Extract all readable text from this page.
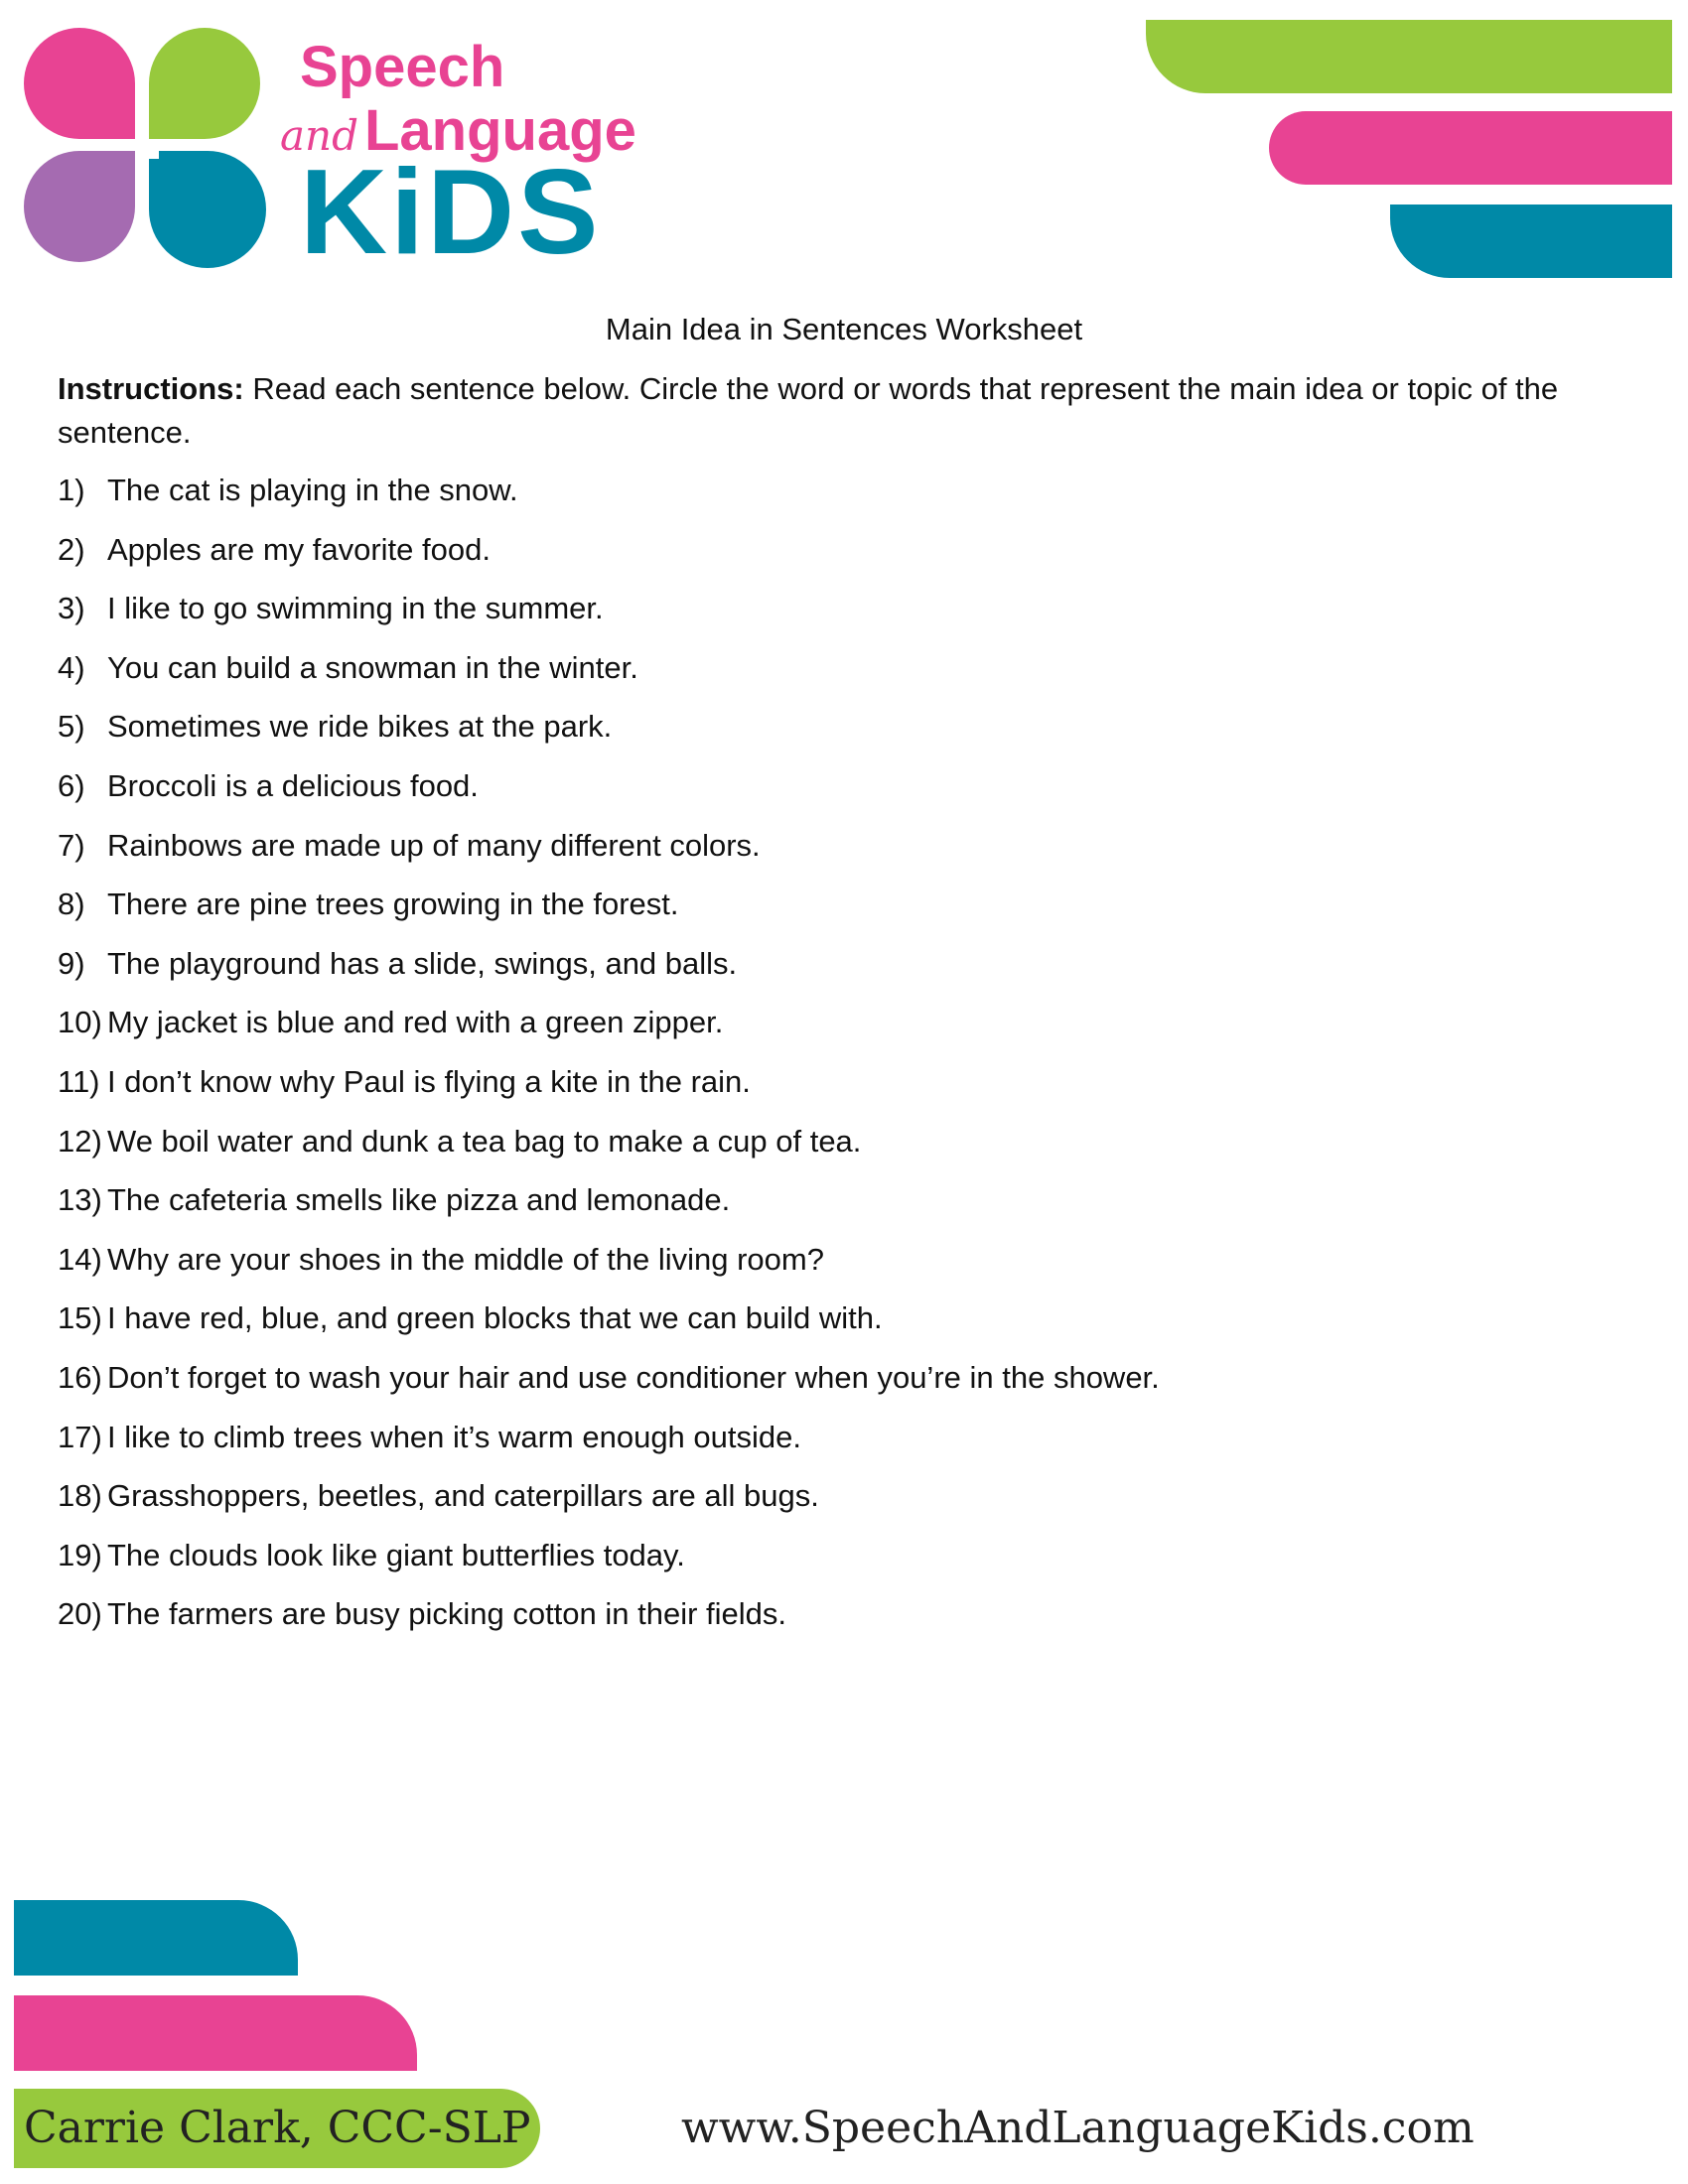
Speech
and Language
KiDS
Main Idea in Sentences Worksheet
Instructions: Read each sentence below. Circle the word or words that represent the main idea or topic of the sentence.
1) The cat is playing in the snow.
2) Apples are my favorite food.
3) I like to go swimming in the summer.
4) You can build a snowman in the winter.
5) Sometimes we ride bikes at the park.
6) Broccoli is a delicious food.
7) Rainbows are made up of many different colors.
8) There are pine trees growing in the forest.
9) The playground has a slide, swings, and balls.
10) My jacket is blue and red with a green zipper.
11) I don’t know why Paul is flying a kite in the rain.
12) We boil water and dunk a tea bag to make a cup of tea.
13) The cafeteria smells like pizza and lemonade.
14) Why are your shoes in the middle of the living room?
15) I have red, blue, and green blocks that we can build with.
16) Don’t forget to wash your hair and use conditioner when you’re in the shower.
17) I like to climb trees when it’s warm enough outside.
18) Grasshoppers, beetles, and caterpillars are all bugs.
19) The clouds look like giant butterflies today.
20) The farmers are busy picking cotton in their fields.
Carrie Clark, CCC-SLP	www.SpeechAndLanguageKids.com
